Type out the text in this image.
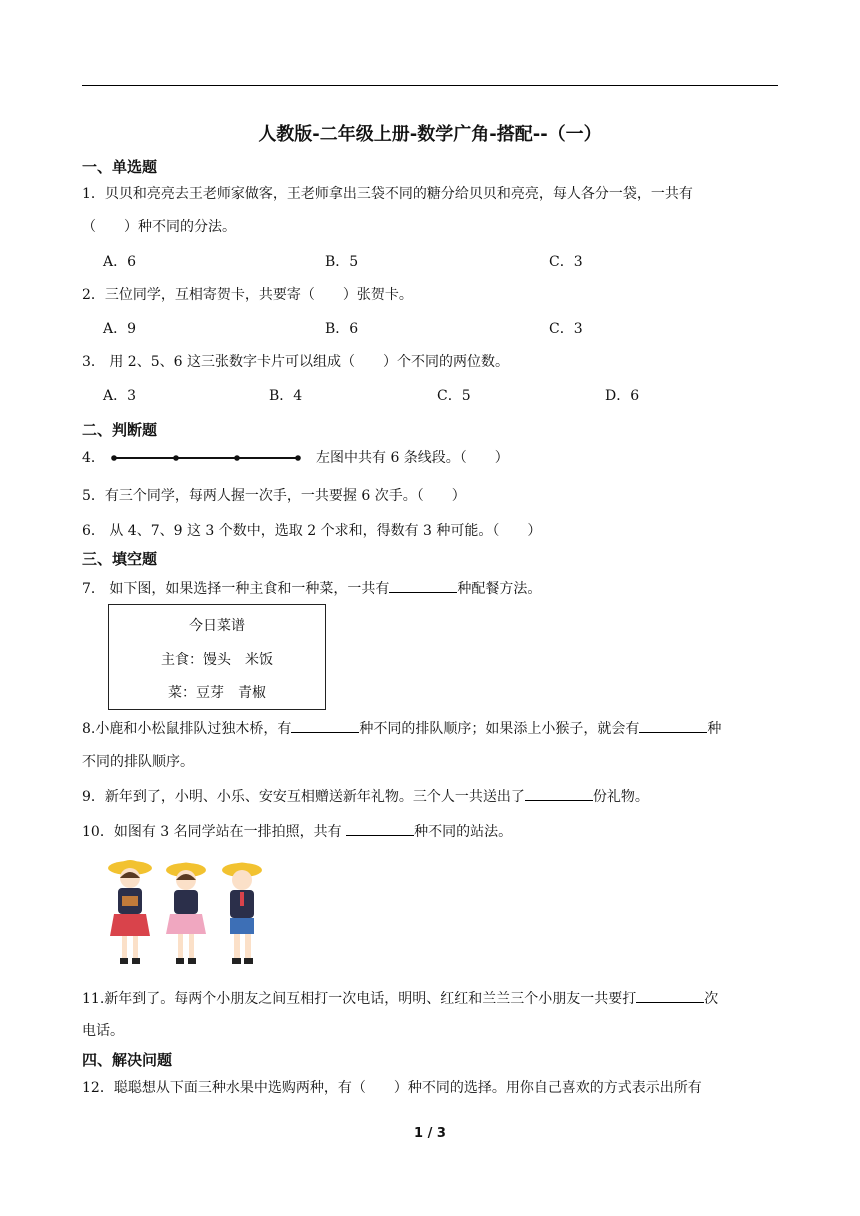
人教版-二年级上册-数学广角-搭配--（一）
一、单选题
1．贝贝和亮亮去王老师家做客，王老师拿出三袋不同的糖分给贝贝和亮亮，每人各分一袋，一共有
（　　）种不同的分法。
A．6	B．5	C．3
2．三位同学，互相寄贺卡，共要寄（　　）张贺卡。
A．9	B．6	C．3
3． 用 2、5、6 这三张数字卡片可以组成（　　）个不同的两位数。
A．3	B．4	C．5	D．6
二、判断题
4．	左图中共有 6 条线段。（　　）
5．有三个同学，每两人握一次手，一共要握 6 次手。（　　）
6． 从 4、7、9 这 3 个数中，选取 2 个求和，得数有 3 种可能。（　　）
三、填空题
7． 如下图，如果选择一种主食和一种菜，一共有	种配餐方法。
今日菜谱
主食：馒头　米饭
菜：豆芽　青椒
8.小鹿和小松鼠排队过独木桥，有	种不同的排队顺序；如果添上小猴子，就会有	种
不同的排队顺序。
9．新年到了，小明、小乐、安安互相赠送新年礼物。三个人一共送出了	份礼物。
10．如图有 3 名同学站在一排拍照，共有	种不同的站法。
11.新年到了。每两个小朋友之间互相打一次电话，明明、红红和兰兰三个小朋友一共要打	次
电话。
四、解决问题
12．聪聪想从下面三种水果中选购两种，有（　　）种不同的选择。用你自己喜欢的方式表示出所有
1 / 3
